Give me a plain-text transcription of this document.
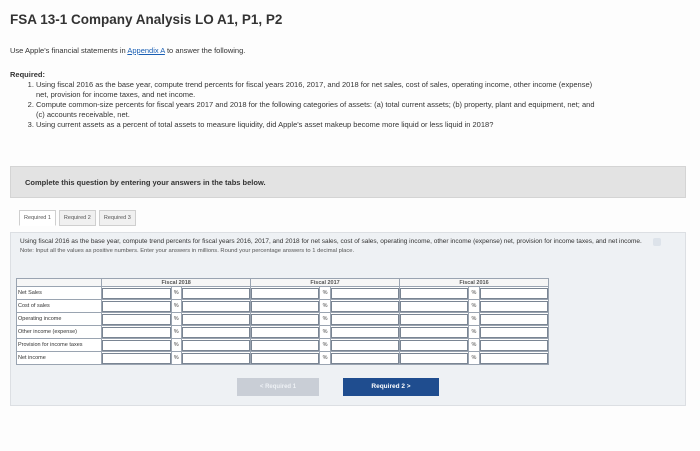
FSA 13-1 Company Analysis LO A1, P1, P2
Use Apple's financial statements in Appendix A to answer the following.
Required:
1. Using fiscal 2016 as the base year, compute trend percents for fiscal years 2016, 2017, and 2018 for net sales, cost of sales, operating income, other income (expense) net, provision for income taxes, and net income.
2. Compute common-size percents for fiscal years 2017 and 2018 for the following categories of assets: (a) total current assets; (b) property, plant and equipment, net; and (c) accounts receivable, net.
3. Using current assets as a percent of total assets to measure liquidity, did Apple's asset makeup become more liquid or less liquid in 2018?
Complete this question by entering your answers in the tabs below.
Required 1	Required 2	Required 3
Using fiscal 2016 as the base year, compute trend percents for fiscal years 2016, 2017, and 2018 for net sales, cost of sales, operating income, other income (expense) net, provision for income taxes, and net income.
Note: Input all the values as positive numbers. Enter your answers in millions. Round your percentage answers to 1 decimal place.
	Fiscal 2018			Fiscal 2017			Fiscal 2016		
Net Sales		%			%			%	

Cost of sales		%			%			%	

Operating income		%			%			%	

Other income (expense)		%			%			%	

Provision for income taxes		%			%			%	

Net income		%			%			%	
< Required 1	Required 2 >
